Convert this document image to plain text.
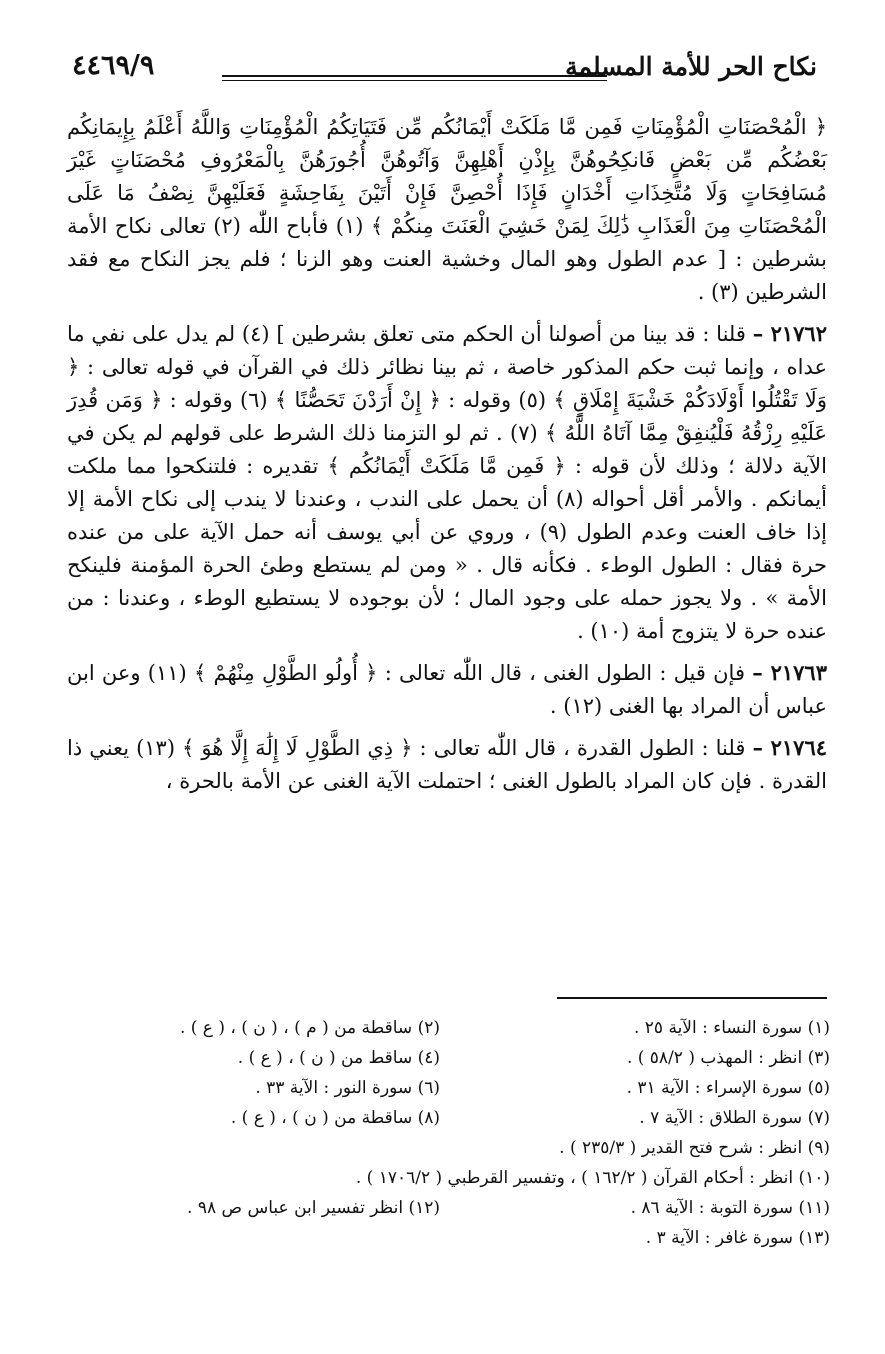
نكاح الحر للأمة المسلمة
٤٤٦٩/٩

﴿ الْمُحْصَنَاتِ الْمُؤْمِنَاتِ فَمِن مَّا مَلَكَتْ أَيْمَانُكُم مِّن فَتَيَاتِكُمُ الْمُؤْمِنَاتِ وَاللَّهُ أَعْلَمُ بِإِيمَانِكُم بَعْضُكُم مِّن بَعْضٍ فَانكِحُوهُنَّ بِإِذْنِ أَهْلِهِنَّ وَآتُوهُنَّ أُجُورَهُنَّ بِالْمَعْرُوفِ مُحْصَنَاتٍ غَيْرَ مُسَافِحَاتٍ وَلَا مُتَّخِذَاتِ أَخْدَانٍ فَإِذَا أُحْصِنَّ فَإِنْ أَتَيْنَ بِفَاحِشَةٍ فَعَلَيْهِنَّ نِصْفُ مَا عَلَى الْمُحْصَنَاتِ مِنَ الْعَذَابِ ذَٰلِكَ لِمَنْ خَشِيَ الْعَنَتَ مِنكُمْ ﴾ (١) فأباح اللّٰه (٢) تعالى نكاح الأمة بشرطين : [ عدم الطول وهو المال وخشية العنت وهو الزنا ؛ فلم يجز النكاح مع فقد الشرطين (٣) .

٢١٧٦٢ – قلنا : قد بينا من أصولنا أن الحكم متى تعلق بشرطين ] (٤) لم يدل على نفي ما عداه ، وإنما ثبت حكم المذكور خاصة ، ثم بينا نظائر ذلك في القرآن في قوله تعالى : ﴿ وَلَا تَقْتُلُوا أَوْلَادَكُمْ خَشْيَةَ إِمْلَاقٍ ﴾ (٥) وقوله : ﴿ إِنْ أَرَدْنَ تَحَصُّنًا ﴾ (٦) وقوله : ﴿ وَمَن قُدِرَ عَلَيْهِ رِزْقُهُ فَلْيُنفِقْ مِمَّا آتَاهُ اللَّهُ ﴾ (٧) . ثم لو التزمنا ذلك الشرط على قولهم لم يكن في الآية دلالة ؛ وذلك لأن قوله : ﴿ فَمِن مَّا مَلَكَتْ أَيْمَانُكُم ﴾ تقديره : فلتنكحوا مما ملكت أيمانكم . والأمر أقل أحواله (٨) أن يحمل على الندب ، وعندنا لا يندب إلى نكاح الأمة إلا إذا خاف العنت وعدم الطول (٩) ، وروي عن أبي يوسف أنه حمل الآية على من عنده حرة فقال : الطول الوطء . فكأنه قال . « ومن لم يستطع وطئ الحرة المؤمنة فلينكح الأمة » . ولا يجوز حمله على وجود المال ؛ لأن بوجوده لا يستطيع الوطء ، وعندنا : من عنده حرة لا يتزوج أمة (١٠) .

٢١٧٦٣ – فإن قيل : الطول الغنى ، قال اللّٰه تعالى : ﴿ أُولُو الطَّوْلِ مِنْهُمْ ﴾ (١١) وعن ابن عباس أن المراد بها الغنى (١٢) .

٢١٧٦٤ – قلنا : الطول القدرة ، قال اللّٰه تعالى : ﴿ ذِي الطَّوْلِ لَا إِلَٰهَ إِلَّا هُوَ ﴾ (١٣) يعني ذا القدرة . فإن كان المراد بالطول الغنى ؛ احتملت الآية الغنى عن الأمة بالحرة ،

(١) سورة النساء : الآية ٢٥ .
(٢) ساقطة من ( م ) ، ( ن ) ، ( ع ) .
(٣) انظر : المهذب ( ٥٨/٢ ) .
(٤) ساقط من ( ن ) ، ( ع ) .
(٥) سورة الإسراء : الآية ٣١ .
(٦) سورة النور : الآية ٣٣ .
(٧) سورة الطلاق : الآية ٧ .
(٨) ساقطة من ( ن ) ، ( ع ) .
(٩) انظر : شرح فتح القدير ( ٢٣٥/٣ ) .
(١٠) انظر : أحكام القرآن ( ١٦٢/٢ ) ، وتفسير القرطبي ( ١٧٠٦/٢ ) .
(١١) سورة التوبة : الآية ٨٦ .
(١٢) انظر تفسير ابن عباس ص ٩٨ .
(١٣) سورة غافر : الآية ٣ .
